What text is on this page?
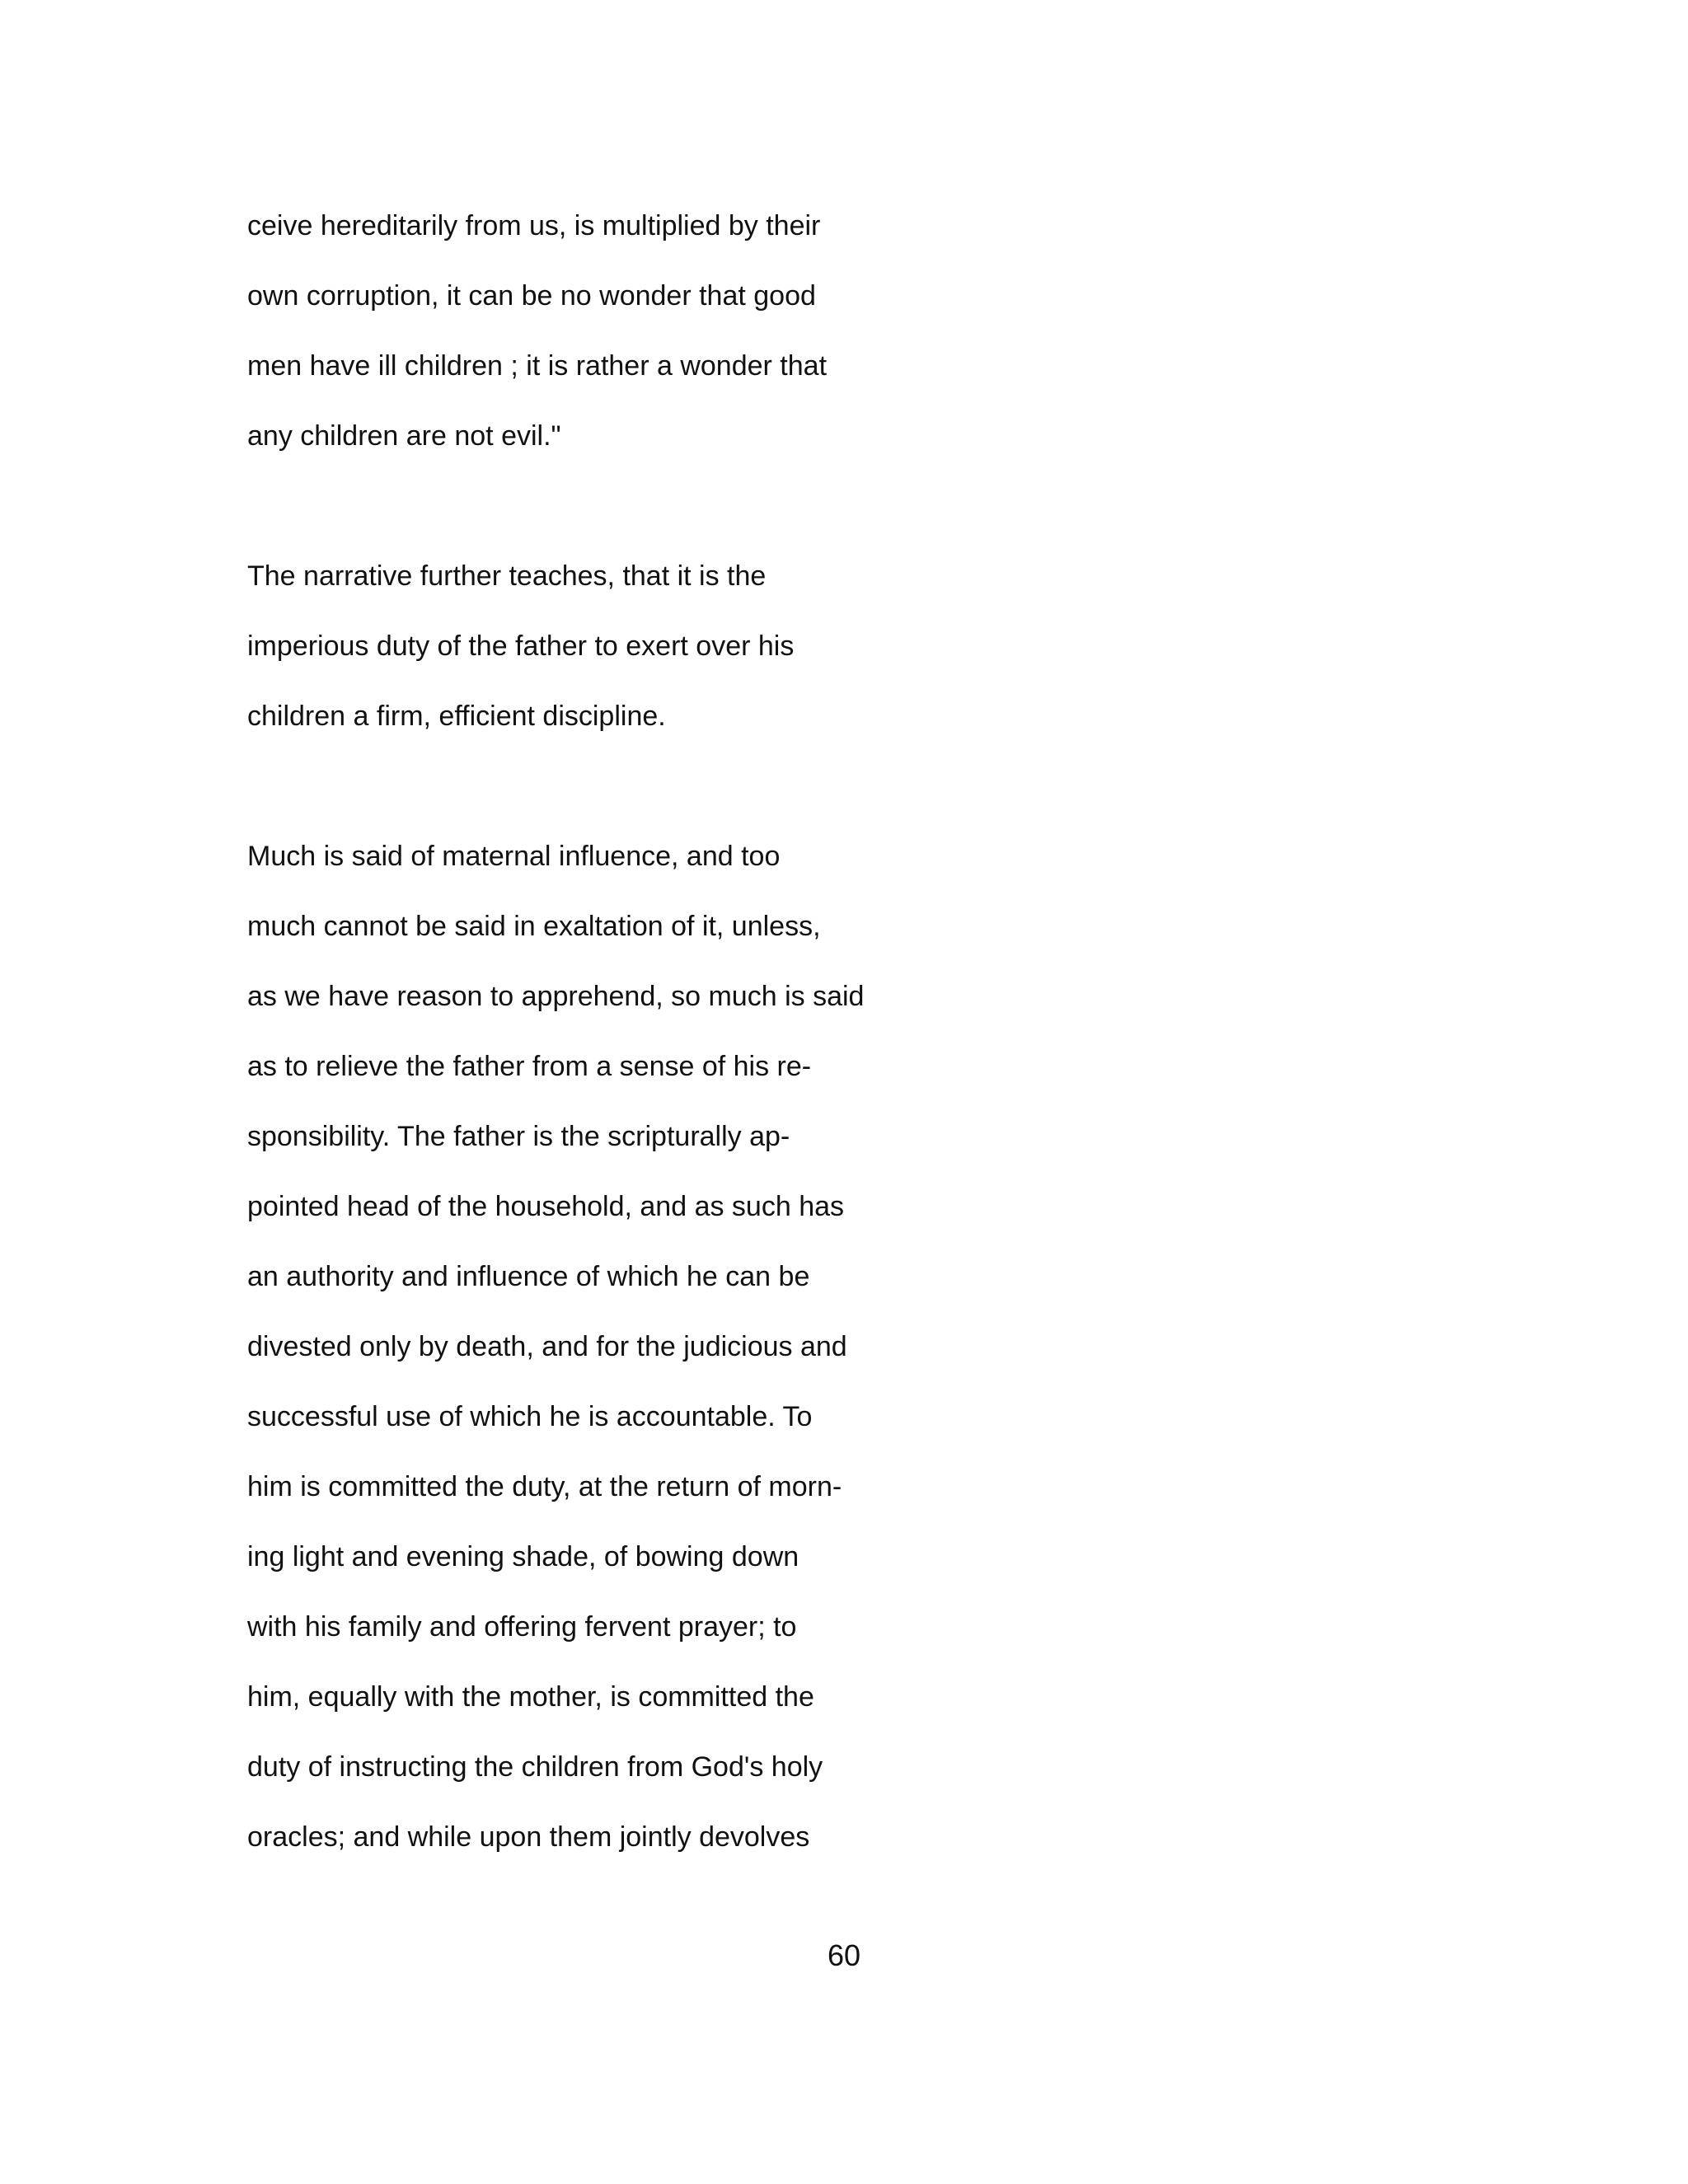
ceive hereditarily from us, is multiplied by their
own corruption, it can be no wonder that good
men have ill children ; it is rather a wonder that
any children are not evil."
The narrative further teaches, that it is the
imperious duty of the father to exert over his
children a firm, efficient discipline.
Much is said of maternal influence, and too
much cannot be said in exaltation of it, unless,
as we have reason to apprehend, so much is said
as to relieve the father from a sense of his re-
sponsibility. The father is the scripturally ap-
pointed head of the household, and as such has
an authority and influence of which he can be
divested only by death, and for the judicious and
successful use of which he is accountable. To
him is committed the duty, at the return of morn-
ing light and evening shade, of bowing down
with his family and offering fervent prayer; to
him, equally with the mother, is committed the
duty of instructing the children from God's holy
oracles; and while upon them jointly devolves
60
